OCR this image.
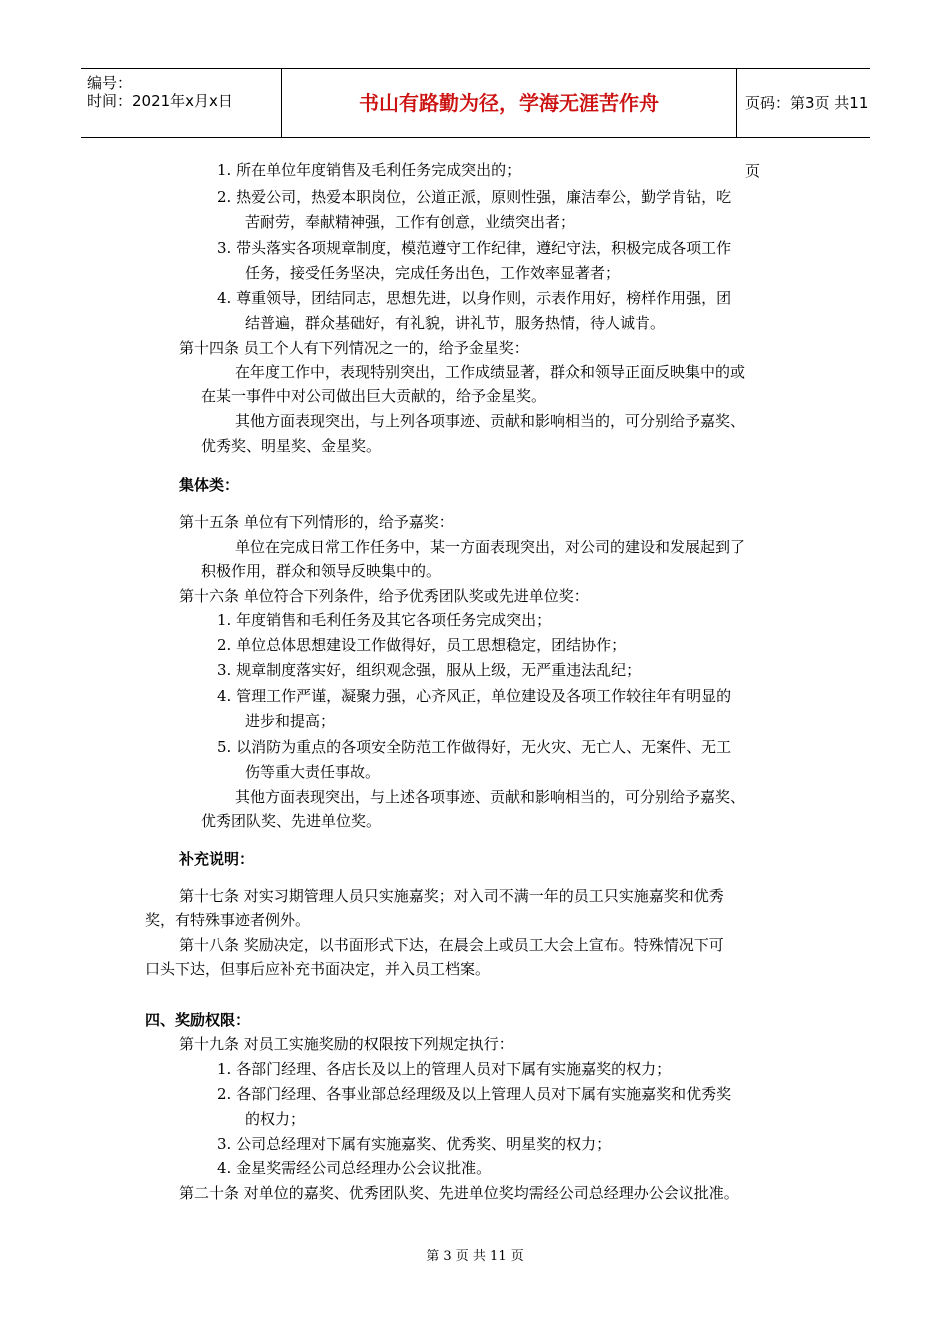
编号：
时间：2021年x月x日	书山有路勤为径，学海无涯苦作舟	页码：第3页 共11页
1. 所在单位年度销售及毛利任务完成突出的；
2. 热爱公司，热爱本职岗位，公道正派，原则性强，廉洁奉公，勤学肯钻，吃
苦耐劳，奉献精神强，工作有创意，业绩突出者；
3. 带头落实各项规章制度，模范遵守工作纪律，遵纪守法，积极完成各项工作
任务，接受任务坚决，完成任务出色，工作效率显著者；
4. 尊重领导，团结同志，思想先进，以身作则，示表作用好，榜样作用强，团
结普遍，群众基础好，有礼貌，讲礼节，服务热情，待人诚肯。
第十四条 员工个人有下列情况之一的，给予金星奖：
在年度工作中，表现特别突出，工作成绩显著，群众和领导正面反映集中的或
在某一事件中对公司做出巨大贡献的，给予金星奖。
其他方面表现突出，与上列各项事迹、贡献和影响相当的，可分别给予嘉奖、
优秀奖、明星奖、金星奖。
集体类：
第十五条 单位有下列情形的，给予嘉奖：
单位在完成日常工作任务中，某一方面表现突出，对公司的建设和发展起到了
积极作用，群众和领导反映集中的。
第十六条 单位符合下列条件，给予优秀团队奖或先进单位奖：
1. 年度销售和毛利任务及其它各项任务完成突出；
2. 单位总体思想建设工作做得好，员工思想稳定，团结协作；
3. 规章制度落实好，组织观念强，服从上级，无严重违法乱纪；
4. 管理工作严谨，凝聚力强，心齐风正，单位建设及各项工作较往年有明显的
进步和提高；
5. 以消防为重点的各项安全防范工作做得好，无火灾、无亡人、无案件、无工
伤等重大责任事故。
其他方面表现突出，与上述各项事迹、贡献和影响相当的，可分别给予嘉奖、
优秀团队奖、先进单位奖。
补充说明：
第十七条 对实习期管理人员只实施嘉奖；对入司不满一年的员工只实施嘉奖和优秀
奖，有特殊事迹者例外。
第十八条 奖励决定，以书面形式下达，在晨会上或员工大会上宣布。特殊情况下可
口头下达，但事后应补充书面决定，并入员工档案。
四、奖励权限：
第十九条 对员工实施奖励的权限按下列规定执行：
1. 各部门经理、各店长及以上的管理人员对下属有实施嘉奖的权力；
2. 各部门经理、各事业部总经理级及以上管理人员对下属有实施嘉奖和优秀奖
的权力；
3. 公司总经理对下属有实施嘉奖、优秀奖、明星奖的权力；
4. 金星奖需经公司总经理办公会议批准。
第二十条 对单位的嘉奖、优秀团队奖、先进单位奖均需经公司总经理办公会议批准。
第 3 页 共 11 页
